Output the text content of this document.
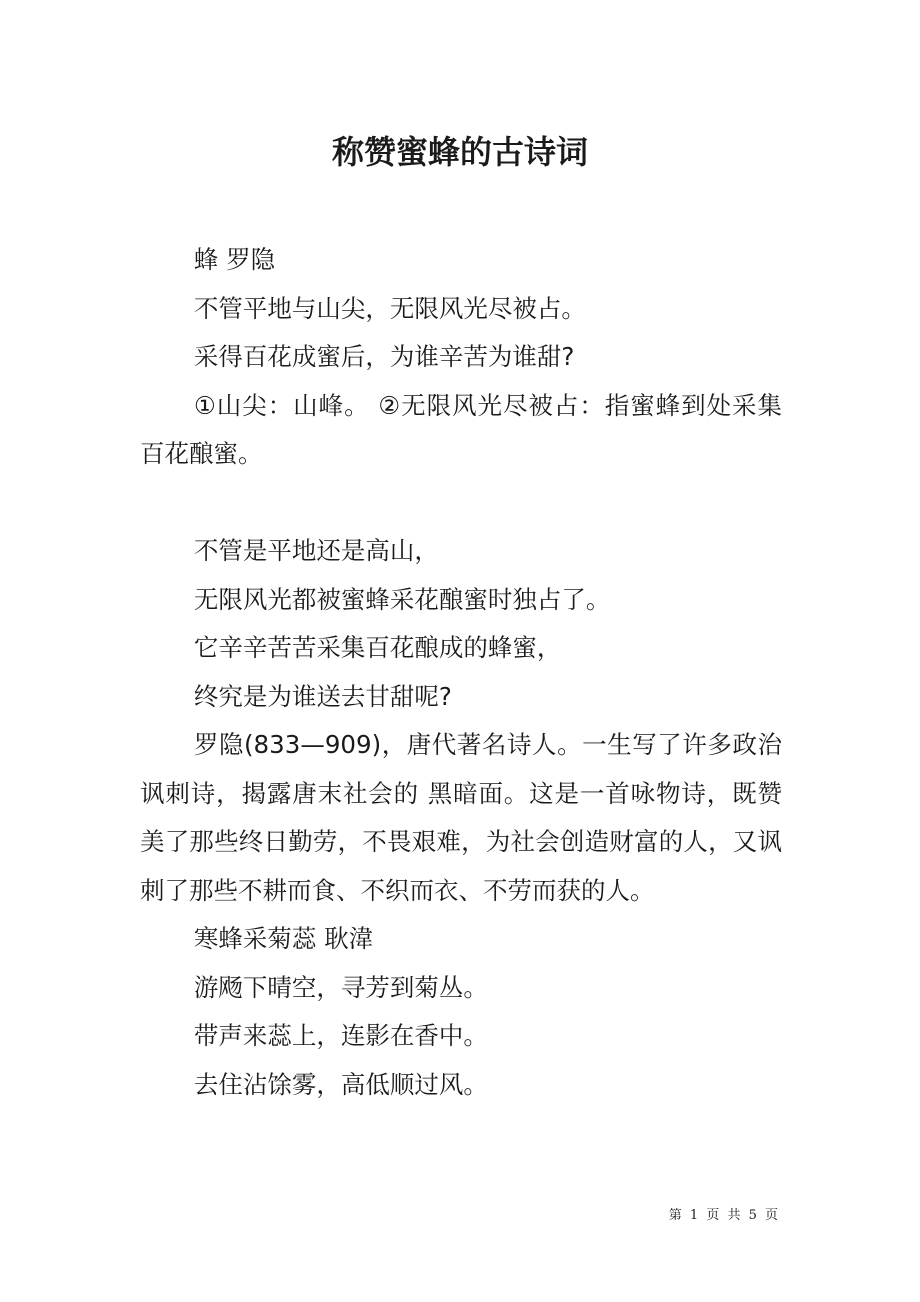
称赞蜜蜂的古诗词

蜂 罗隐

不管平地与山尖，无限风光尽被占。

采得百花成蜜后，为谁辛苦为谁甜?

①山尖：山峰。 ②无限风光尽被占：指蜜蜂到处采集百花酿蜜。

不管是平地还是高山，

无限风光都被蜜蜂采花酿蜜时独占了。

它辛辛苦苦采集百花酿成的蜂蜜，

终究是为谁送去甘甜呢?

罗隐(833—909)，唐代著名诗人。一生写了许多政治讽刺诗，揭露唐末社会的 黑暗面。这是一首咏物诗，既赞美了那些终日勤劳，不畏艰难，为社会创造财富的人，又讽 刺了那些不耕而食、不织而衣、不劳而获的人。

寒蜂采菊蕊 耿湋

游飏下晴空，寻芳到菊丛。

带声来蕊上，连影在香中。

去住沾馀雾，高低顺过风。

第 1 页 共 5 页
